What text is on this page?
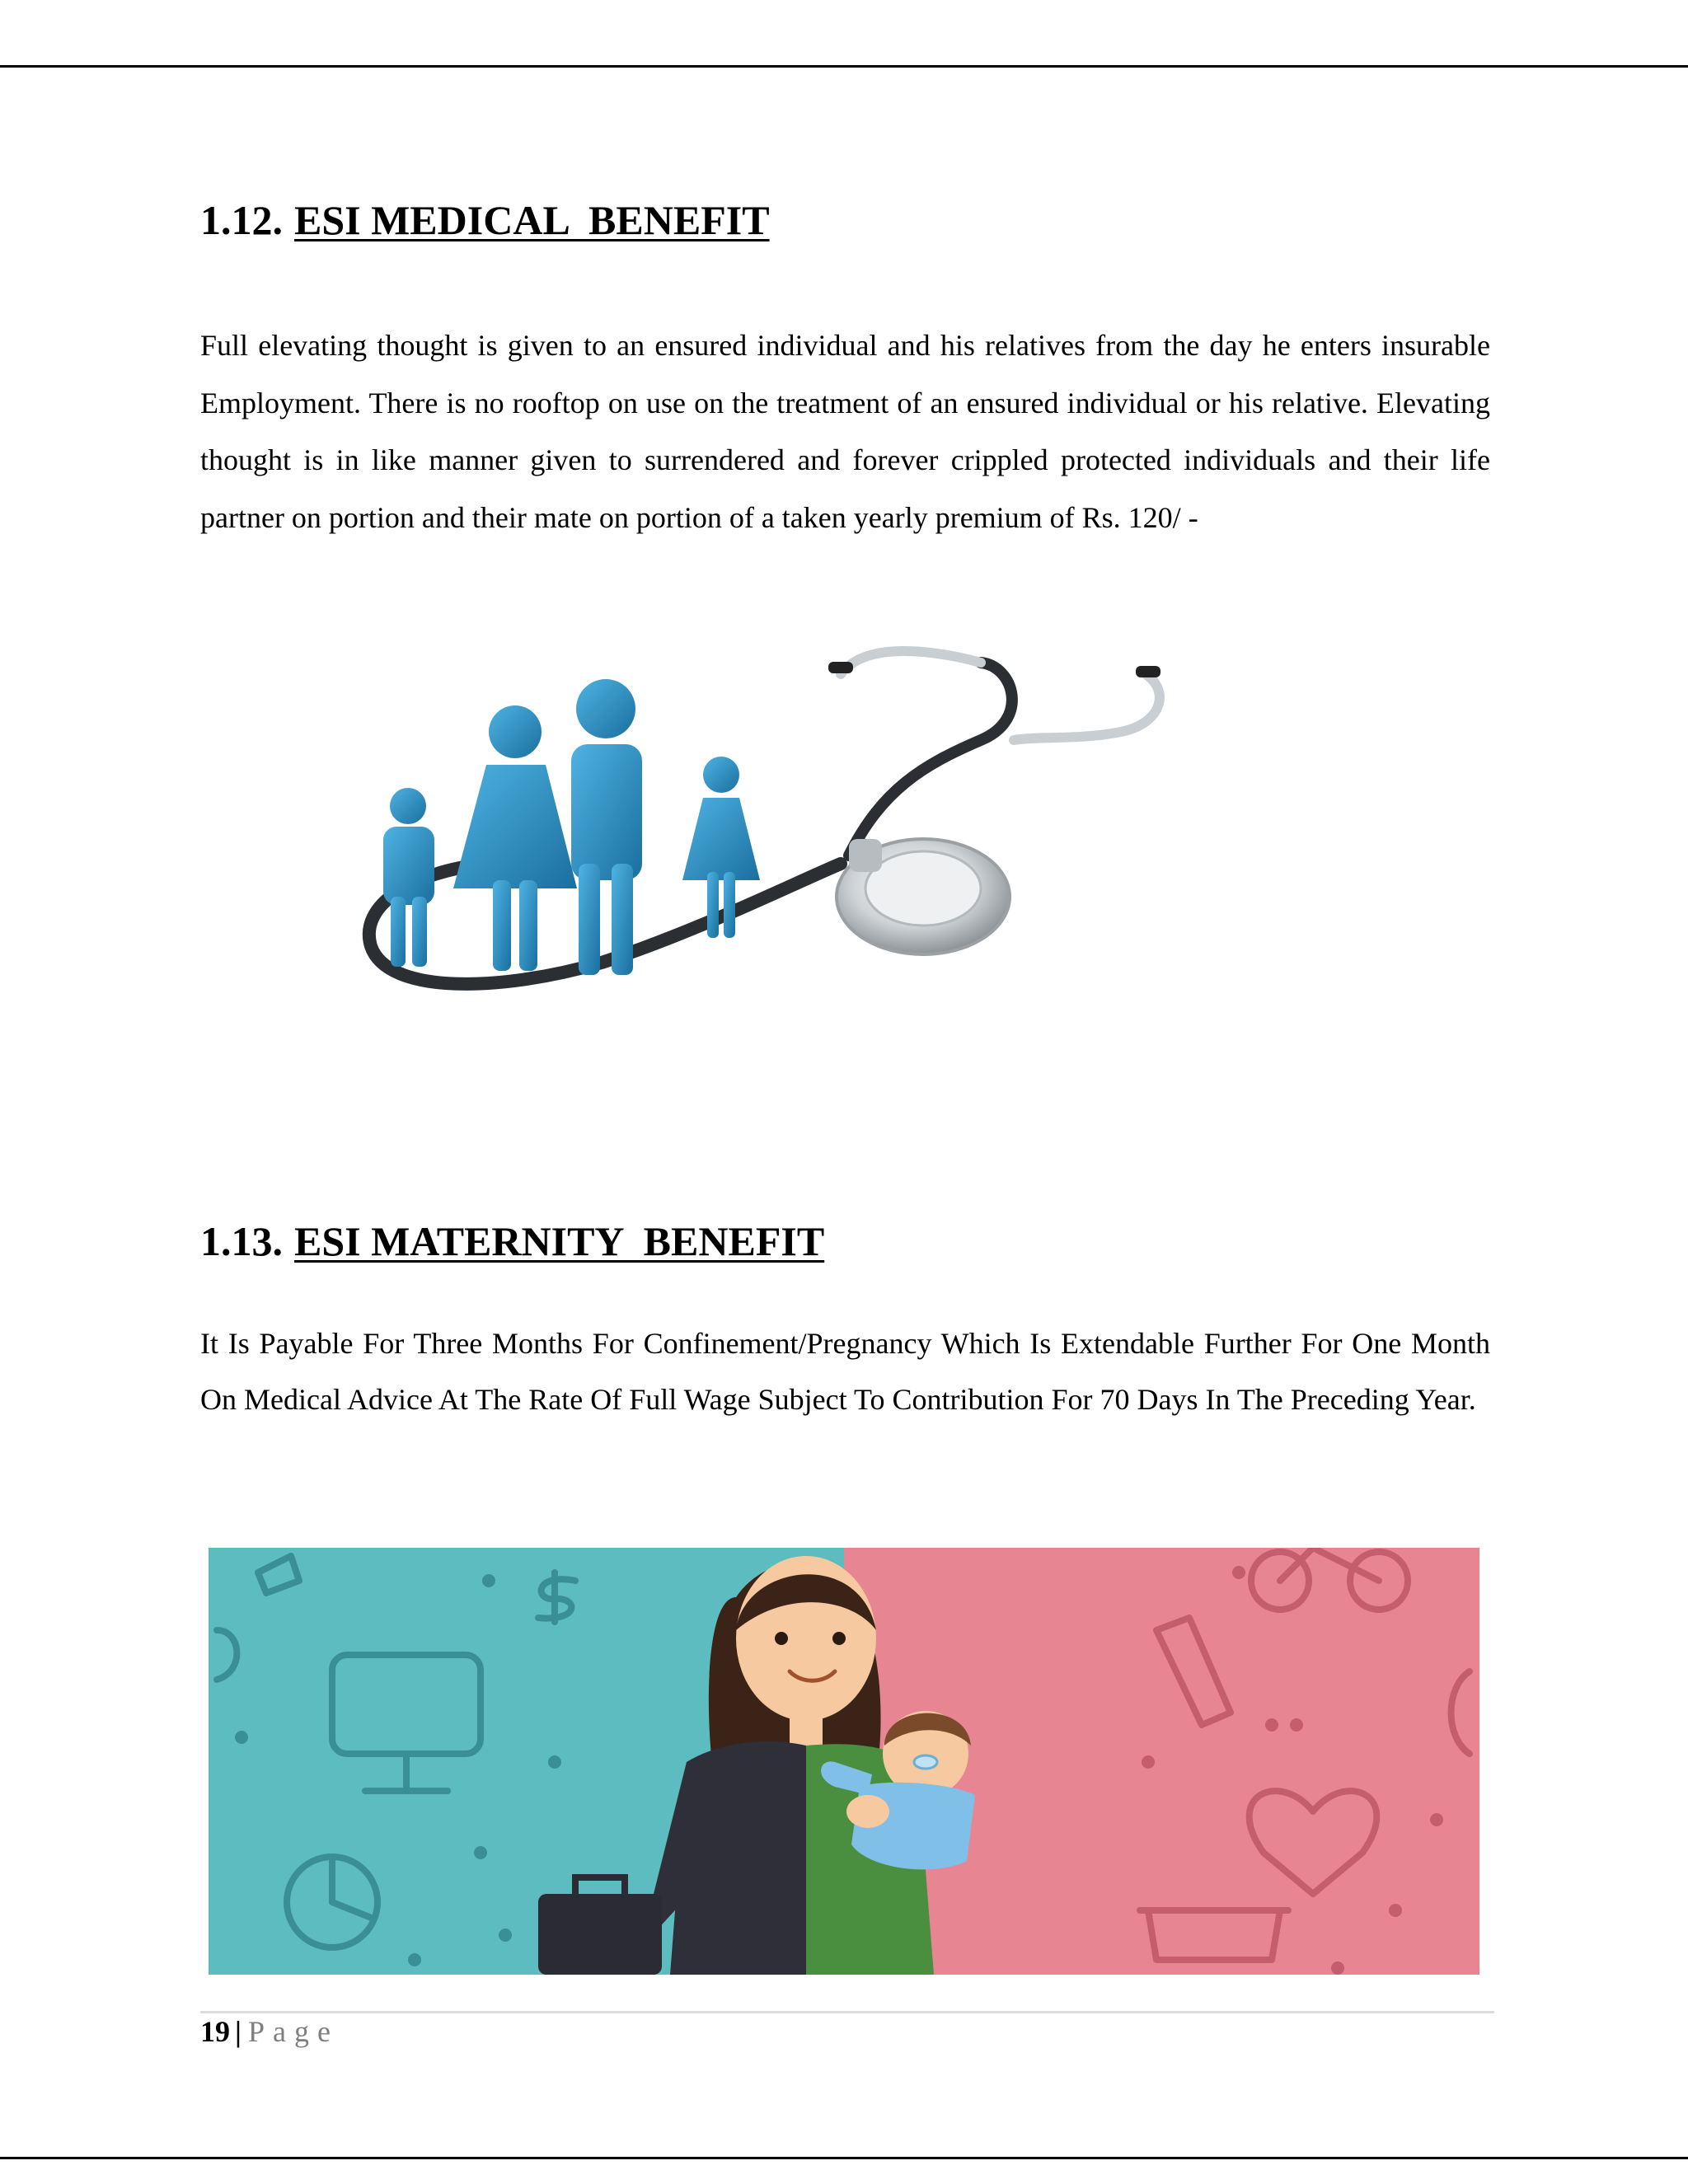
1.12. ESI MEDICAL  BENEFIT

Full elevating thought is given to an ensured individual and his relatives from the day he enters insurable Employment. There is no rooftop on use on the treatment of an ensured individual or his relative. Elevating thought is in like manner given to surrendered and forever crippled protected individuals and their life partner on portion and their mate on portion of a taken yearly premium of Rs. 120/ -

1.13. ESI MATERNITY  BENEFIT

It Is Payable For Three Months For Confinement/Pregnancy Which Is Extendable Further For One Month On Medical Advice At The Rate Of Full Wage Subject To Contribution For 70 Days In The Preceding Year.

19 | Page
